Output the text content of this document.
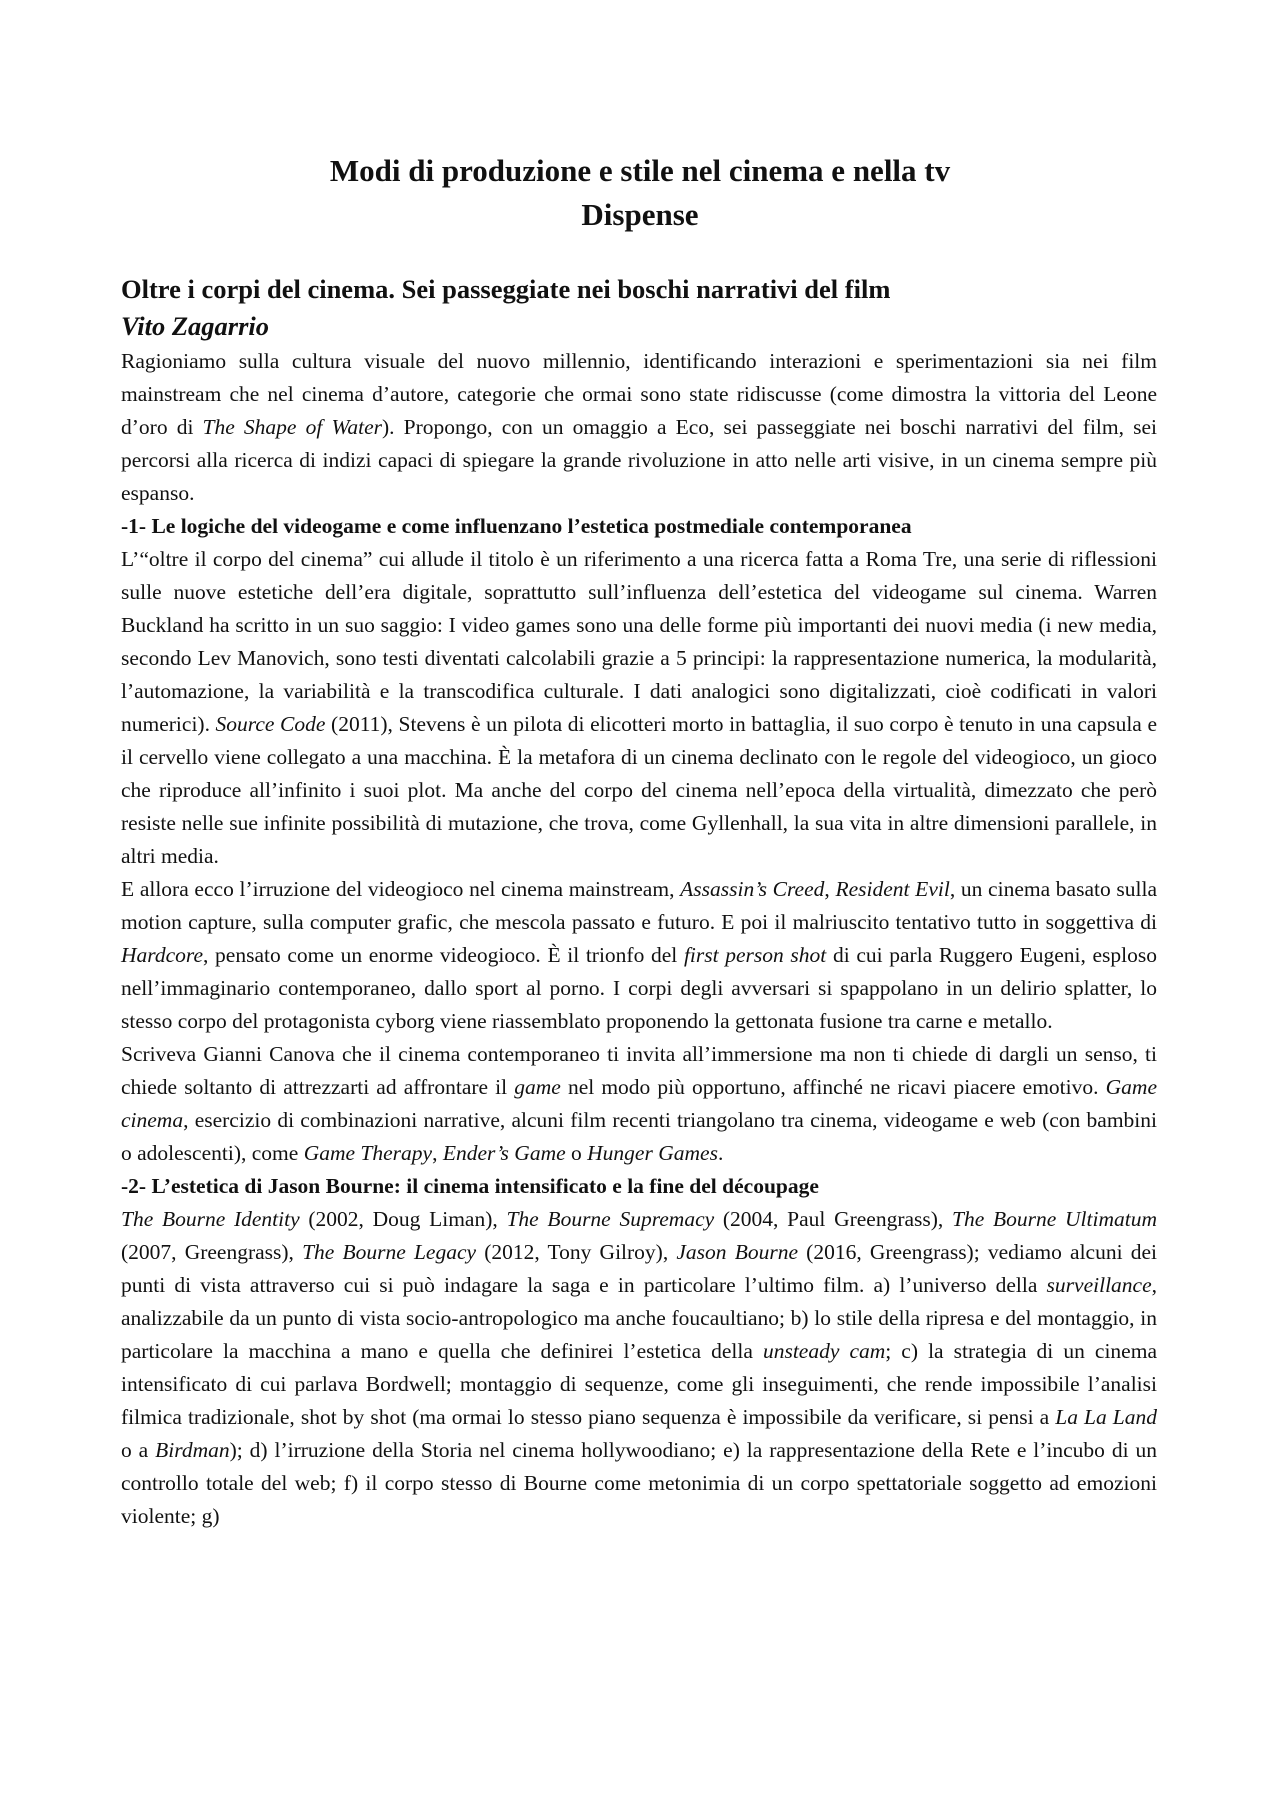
Modi di produzione e stile nel cinema e nella tv
Dispense
Oltre i corpi del cinema. Sei passeggiate nei boschi narrativi del film
Vito Zagarrio

Ragioniamo sulla cultura visuale del nuovo millennio, identificando interazioni e sperimentazioni sia nei film mainstream che nel cinema d’autore, categorie che ormai sono state ridiscusse (come dimostra la vittoria del Leone d’oro di The Shape of Water). Propongo, con un omaggio a Eco, sei passeggiate nei boschi narrativi del film, sei percorsi alla ricerca di indizi capaci di spiegare la grande rivoluzione in atto nelle arti visive, in un cinema sempre più espanso.

-1- Le logiche del videogame e come influenzano l’estetica postmediale contemporanea

L’“oltre il corpo del cinema” cui allude il titolo è un riferimento a una ricerca fatta a Roma Tre, una serie di riflessioni sulle nuove estetiche dell’era digitale, soprattutto sull’influenza dell’estetica del videogame sul cinema. Warren Buckland ha scritto in un suo saggio: I video games sono una delle forme più importanti dei nuovi media (i new media, secondo Lev Manovich, sono testi diventati calcolabili grazie a 5 principi: la rappresentazione numerica, la modularità, l’automazione, la variabilità e la transcodifica culturale. I dati analogici sono digitalizzati, cioè codificati in valori numerici). Source Code (2011), Stevens è un pilota di elicotteri morto in battaglia, il suo corpo è tenuto in una capsula e il cervello viene collegato a una macchina. È la metafora di un cinema declinato con le regole del videogioco, un gioco che riproduce all’infinito i suoi plot. Ma anche del corpo del cinema nell’epoca della virtualità, dimezzato che però resiste nelle sue infinite possibilità di mutazione, che trova, come Gyllenhall, la sua vita in altre dimensioni parallele, in altri media.

E allora ecco l’irruzione del videogioco nel cinema mainstream, Assassin’s Creed, Resident Evil, un cinema basato sulla motion capture, sulla computer grafic, che mescola passato e futuro. E poi il malriuscito tentativo tutto in soggettiva di Hardcore, pensato come un enorme videogioco. È il trionfo del first person shot di cui parla Ruggero Eugeni, esploso nell’immaginario contemporaneo, dallo sport al porno. I corpi degli avversari si spappolano in un delirio splatter, lo stesso corpo del protagonista cyborg viene riassemblato proponendo la gettonata fusione tra carne e metallo.

Scriveva Gianni Canova che il cinema contemporaneo ti invita all’immersione ma non ti chiede di dargli un senso, ti chiede soltanto di attrezzarti ad affrontare il game nel modo più opportuno, affinché ne ricavi piacere emotivo. Game cinema, esercizio di combinazioni narrative, alcuni film recenti triangolano tra cinema, videogame e web (con bambini o adolescenti), come Game Therapy, Ender’s Game o Hunger Games.

-2- L’estetica di Jason Bourne: il cinema intensificato e la fine del découpage

The Bourne Identity (2002, Doug Liman), The Bourne Supremacy (2004, Paul Greengrass), The Bourne Ultimatum (2007, Greengrass), The Bourne Legacy (2012, Tony Gilroy), Jason Bourne (2016, Greengrass); vediamo alcuni dei punti di vista attraverso cui si può indagare la saga e in particolare l’ultimo film. a) l’universo della surveillance, analizzabile da un punto di vista socio-antropologico ma anche foucaultiano; b) lo stile della ripresa e del montaggio, in particolare la macchina a mano e quella che definirei l’estetica della unsteady cam; c) la strategia di un cinema intensificato di cui parlava Bordwell; montaggio di sequenze, come gli inseguimenti, che rende impossibile l’analisi filmica tradizionale, shot by shot (ma ormai lo stesso piano sequenza è impossibile da verificare, si pensi a La La Land o a Birdman); d) l’irruzione della Storia nel cinema hollywoodiano; e) la rappresentazione della Rete e l’incubo di un controllo totale del web; f) il corpo stesso di Bourne come metonimia di un corpo spettatoriale soggetto ad emozioni violente; g)
